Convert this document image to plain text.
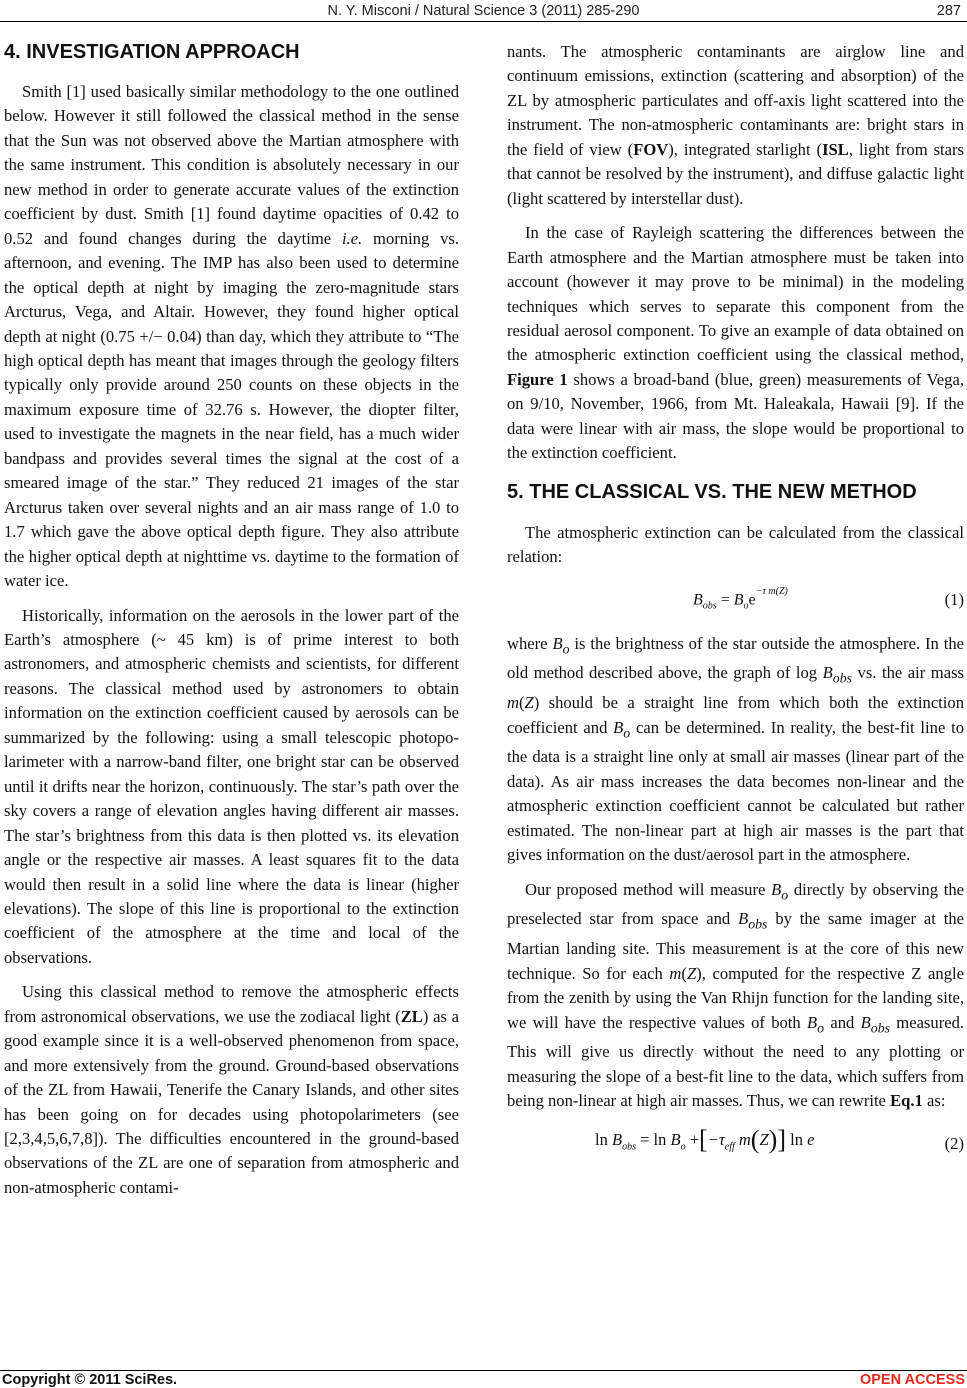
N. Y. Misconi / Natural Science 3 (2011) 285-290	287
4. INVESTIGATION APPROACH

Smith [1] used basically similar methodology to the one outlined below. However it still followed the classical method in the sense that the Sun was not observed above the Martian atmosphere with the same instrument. This condition is absolutely necessary in our new method in order to generate accurate values of the extinction coefficient by dust. Smith [1] found daytime opacities of 0.42 to 0.52 and found changes during the daytime i.e. morning vs. afternoon, and evening. The IMP has also been used to determine the optical depth at night by imaging the zero-magnitude stars Arcturus, Vega, and Altair. However, they found higher optical depth at night (0.75 +/− 0.04) than day, which they attribute to “The high optical depth has meant that images through the geology filters typically only provide around 250 counts on these objects in the maximum exposure time of 32.76 s. However, the diopter filter, used to investigate the magnets in the near field, has a much wider bandpass and provides several times the signal at the cost of a smeared image of the star.” They reduced 21 images of the star Arcturus taken over several nights and an air mass range of 1.0 to 1.7 which gave the above optical depth figure. They also attribute the higher optical depth at nighttime vs. daytime to the formation of water ice.

Historically, information on the aerosols in the lower part of the Earth’s atmosphere (~ 45 km) is of prime interest to both astronomers, and atmospheric chemists and scientists, for different reasons. The classical method used by astronomers to obtain information on the extinction coefficient caused by aerosols can be summarized by the following: using a small telescopic photopolarimeter with a narrow-band filter, one bright star can be observed until it drifts near the horizon, continuously. The star’s path over the sky covers a range of elevation angles having different air masses. The star’s brightness from this data is then plotted vs. its elevation angle or the respective air masses. A least squares fit to the data would then result in a solid line where the data is linear (higher elevations). The slope of this line is proportional to the extinction coefficient of the atmosphere at the time and local of the observations.

Using this classical method to remove the atmospheric effects from astronomical observations, we use the zodiacal light (ZL) as a good example since it is a well-observed phenomenon from space, and more extensively from the ground. Ground-based observations of the ZL from Hawaii, Tenerife the Canary Islands, and other sites has been going on for decades using photopolarimeters (see [2,3,4,5,6,7,8]). The difficulties encountered in the ground-based observations of the ZL are one of separation from atmospheric and non-atmospheric contami-

nants. The atmospheric contaminants are airglow line and continuum emissions, extinction (scattering and absorption) of the ZL by atmospheric particulates and off-axis light scattered into the instrument. The non-atmospheric contaminants are: bright stars in the field of view (FOV), integrated starlight (ISL, light from stars that cannot be resolved by the instrument), and diffuse galactic light (light scattered by interstellar dust).

In the case of Rayleigh scattering the differences between the Earth atmosphere and the Martian atmosphere must be taken into account (however it may prove to be minimal) in the modeling techniques which serves to separate this component from the residual aerosol component. To give an example of data obtained on the atmospheric extinction coefficient using the classical method, Figure 1 shows a broad-band (blue, green) measurements of Vega, on 9/10, November, 1966, from Mt. Haleakala, Hawaii [9]. If the data were linear with air mass, the slope would be proportional to the extinction coefficient.

5. THE CLASSICAL VS. THE NEW METHOD

The atmospheric extinction can be calculated from the classical relation:

$B_{obs} = B_oe^{-\tau m(Z)}$	(1)

where $B_o$ is the brightness of the star outside the atmosphere. In the old method described above, the graph of $\log B_{obs}$ vs. the air mass m(Z) should be a straight line from which both the extinction coefficient and $B_o$ can be determined. In reality, the best-fit line to the data is a straight line only at small air masses (linear part of the data). As air mass increases the data becomes non-linear and the atmospheric extinction coefficient cannot be calculated but rather estimated. The non-linear part at high air masses is the part that gives information on the dust/aerosol part in the atmosphere.

Our proposed method will measure $B_o$ directly by observing the preselected star from space and $B_{obs}$ by the same imager at the Martian landing site. This measurement is at the core of this new technique. So for each m(Z), computed for the respective Z angle from the zenith by using the Van Rhijn function for the landing site, we will have the respective values of both $B_o$ and $B_{obs}$ measured. This will give us directly without the need to any plotting or measuring the slope of a best-fit line to the data, which suffers from being non-linear at high air masses. Thus, we can rewrite Eq.1 as:

$\ln B_{obs} = \ln B_o +[-\tau_{eff}$ m(Z)] ln e	(2)
Copyright © 2011 SciRes.	OPEN ACCESS
